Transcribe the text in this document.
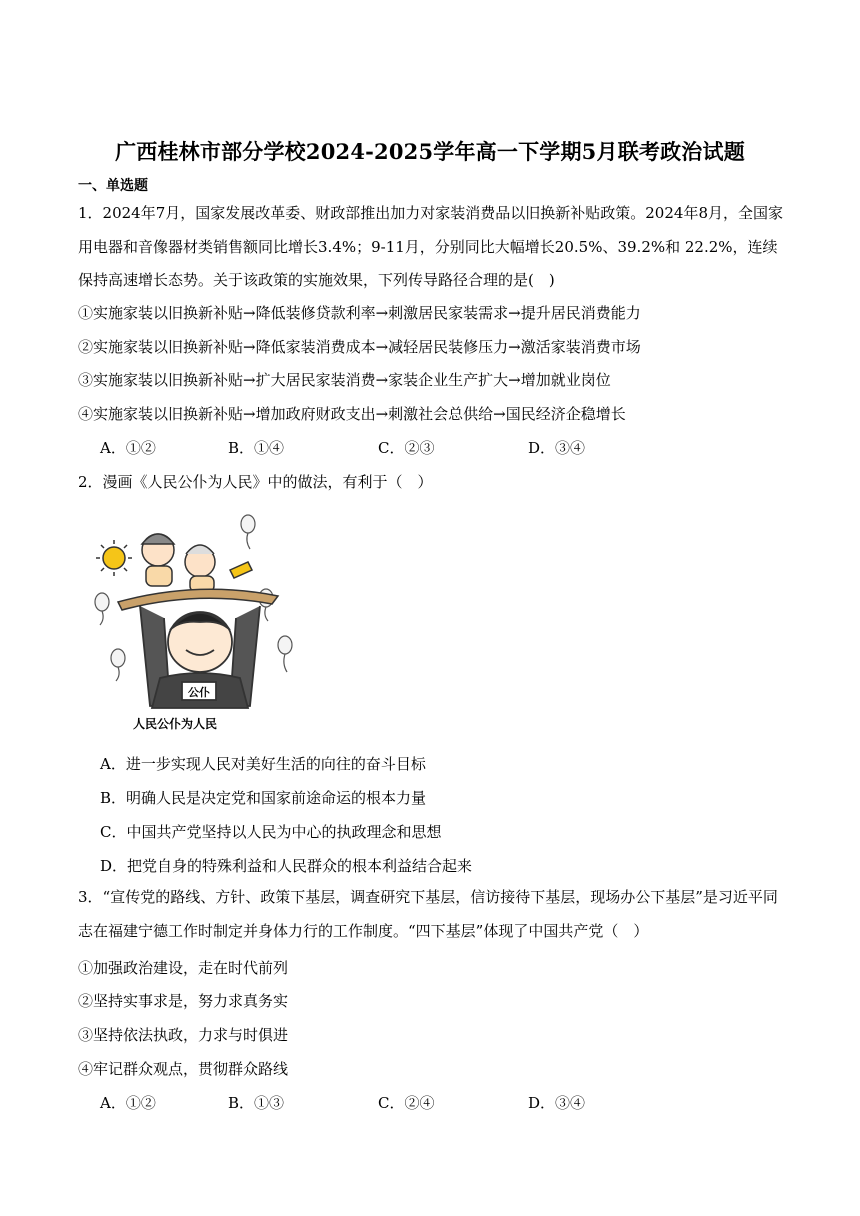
广西桂林市部分学校2024-2025学年高一下学期5月联考政治试题
一、单选题
1．2024年7月，国家发展改革委、财政部推出加力对家装消费品以旧换新补贴政策。2024年8月，全国家用电器和音像器材类销售额同比增长3.4%；9-11月，分别同比大幅增长20.5%、39.2%和 22.2%，连续保持高速增长态势。关于该政策的实施效果，下列传导路径合理的是(　)
①实施家装以旧换新补贴→降低装修贷款利率→刺激居民家装需求→提升居民消费能力
②实施家装以旧换新补贴→降低家装消费成本→减轻居民装修压力→激活家装消费市场
③实施家装以旧换新补贴→扩大居民家装消费→家装企业生产扩大→增加就业岗位
④实施家装以旧换新补贴→增加政府财政支出→刺激社会总供给→国民经济企稳增长
A．①②	B．①④	C．②③	D．③④
2．漫画《人民公仆为人民》中的做法，有利于（　）
公仆
人民公仆为人民
A．进一步实现人民对美好生活的向往的奋斗目标
B．明确人民是决定党和国家前途命运的根本力量
C．中国共产党坚持以人民为中心的执政理念和思想
D．把党自身的特殊利益和人民群众的根本利益结合起来
3．“宣传党的路线、方针、政策下基层，调查研究下基层，信访接待下基层，现场办公下基层”是习近平同志在福建宁德工作时制定并身体力行的工作制度。“四下基层”体现了中国共产党（　）
①加强政治建设，走在时代前列
②坚持实事求是，努力求真务实
③坚持依法执政，力求与时俱进
④牢记群众观点，贯彻群众路线
A．①②	B．①③	C．②④	D．③④
